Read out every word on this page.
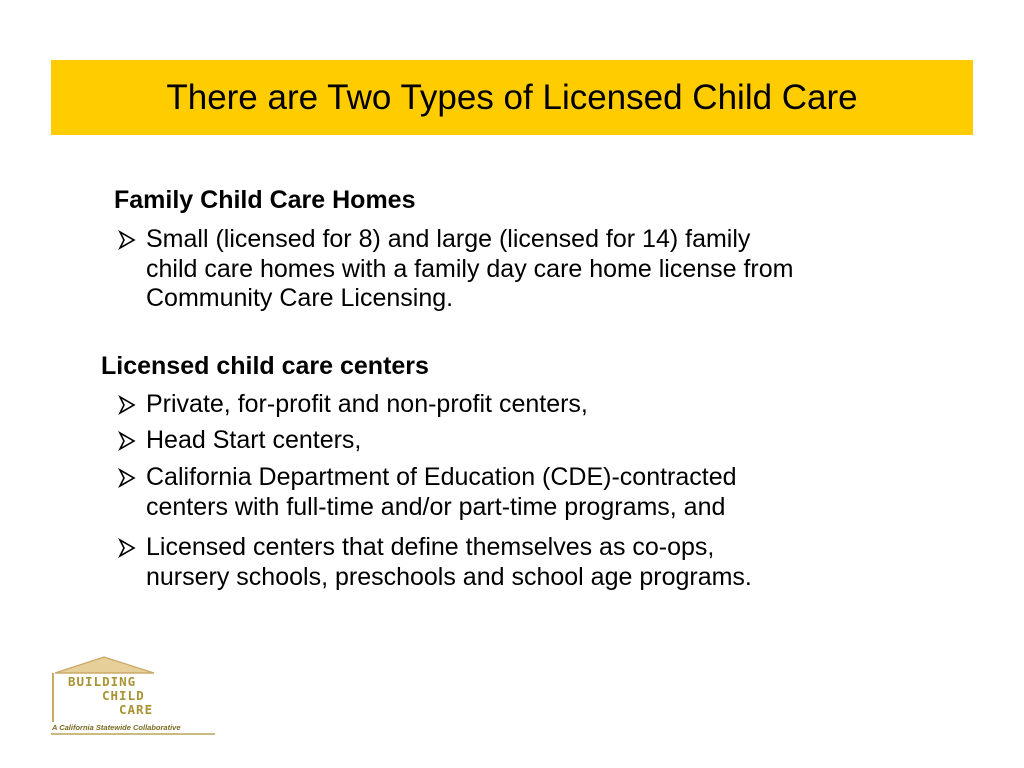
There are Two Types of Licensed Child Care
Family Child Care Homes
Small (licensed for 8) and large (licensed for 14) family
child care homes with a family day care home license from
Community Care Licensing.
Licensed child care centers
Private, for-profit and non-profit centers,
Head Start centers,
California Department of Education (CDE)-contracted
centers with full-time and/or part-time programs, and
Licensed centers that define themselves as co-ops,
nursery schools, preschools and school age programs.
BUILDING
CHILD
CARE
A California Statewide Collaborative
